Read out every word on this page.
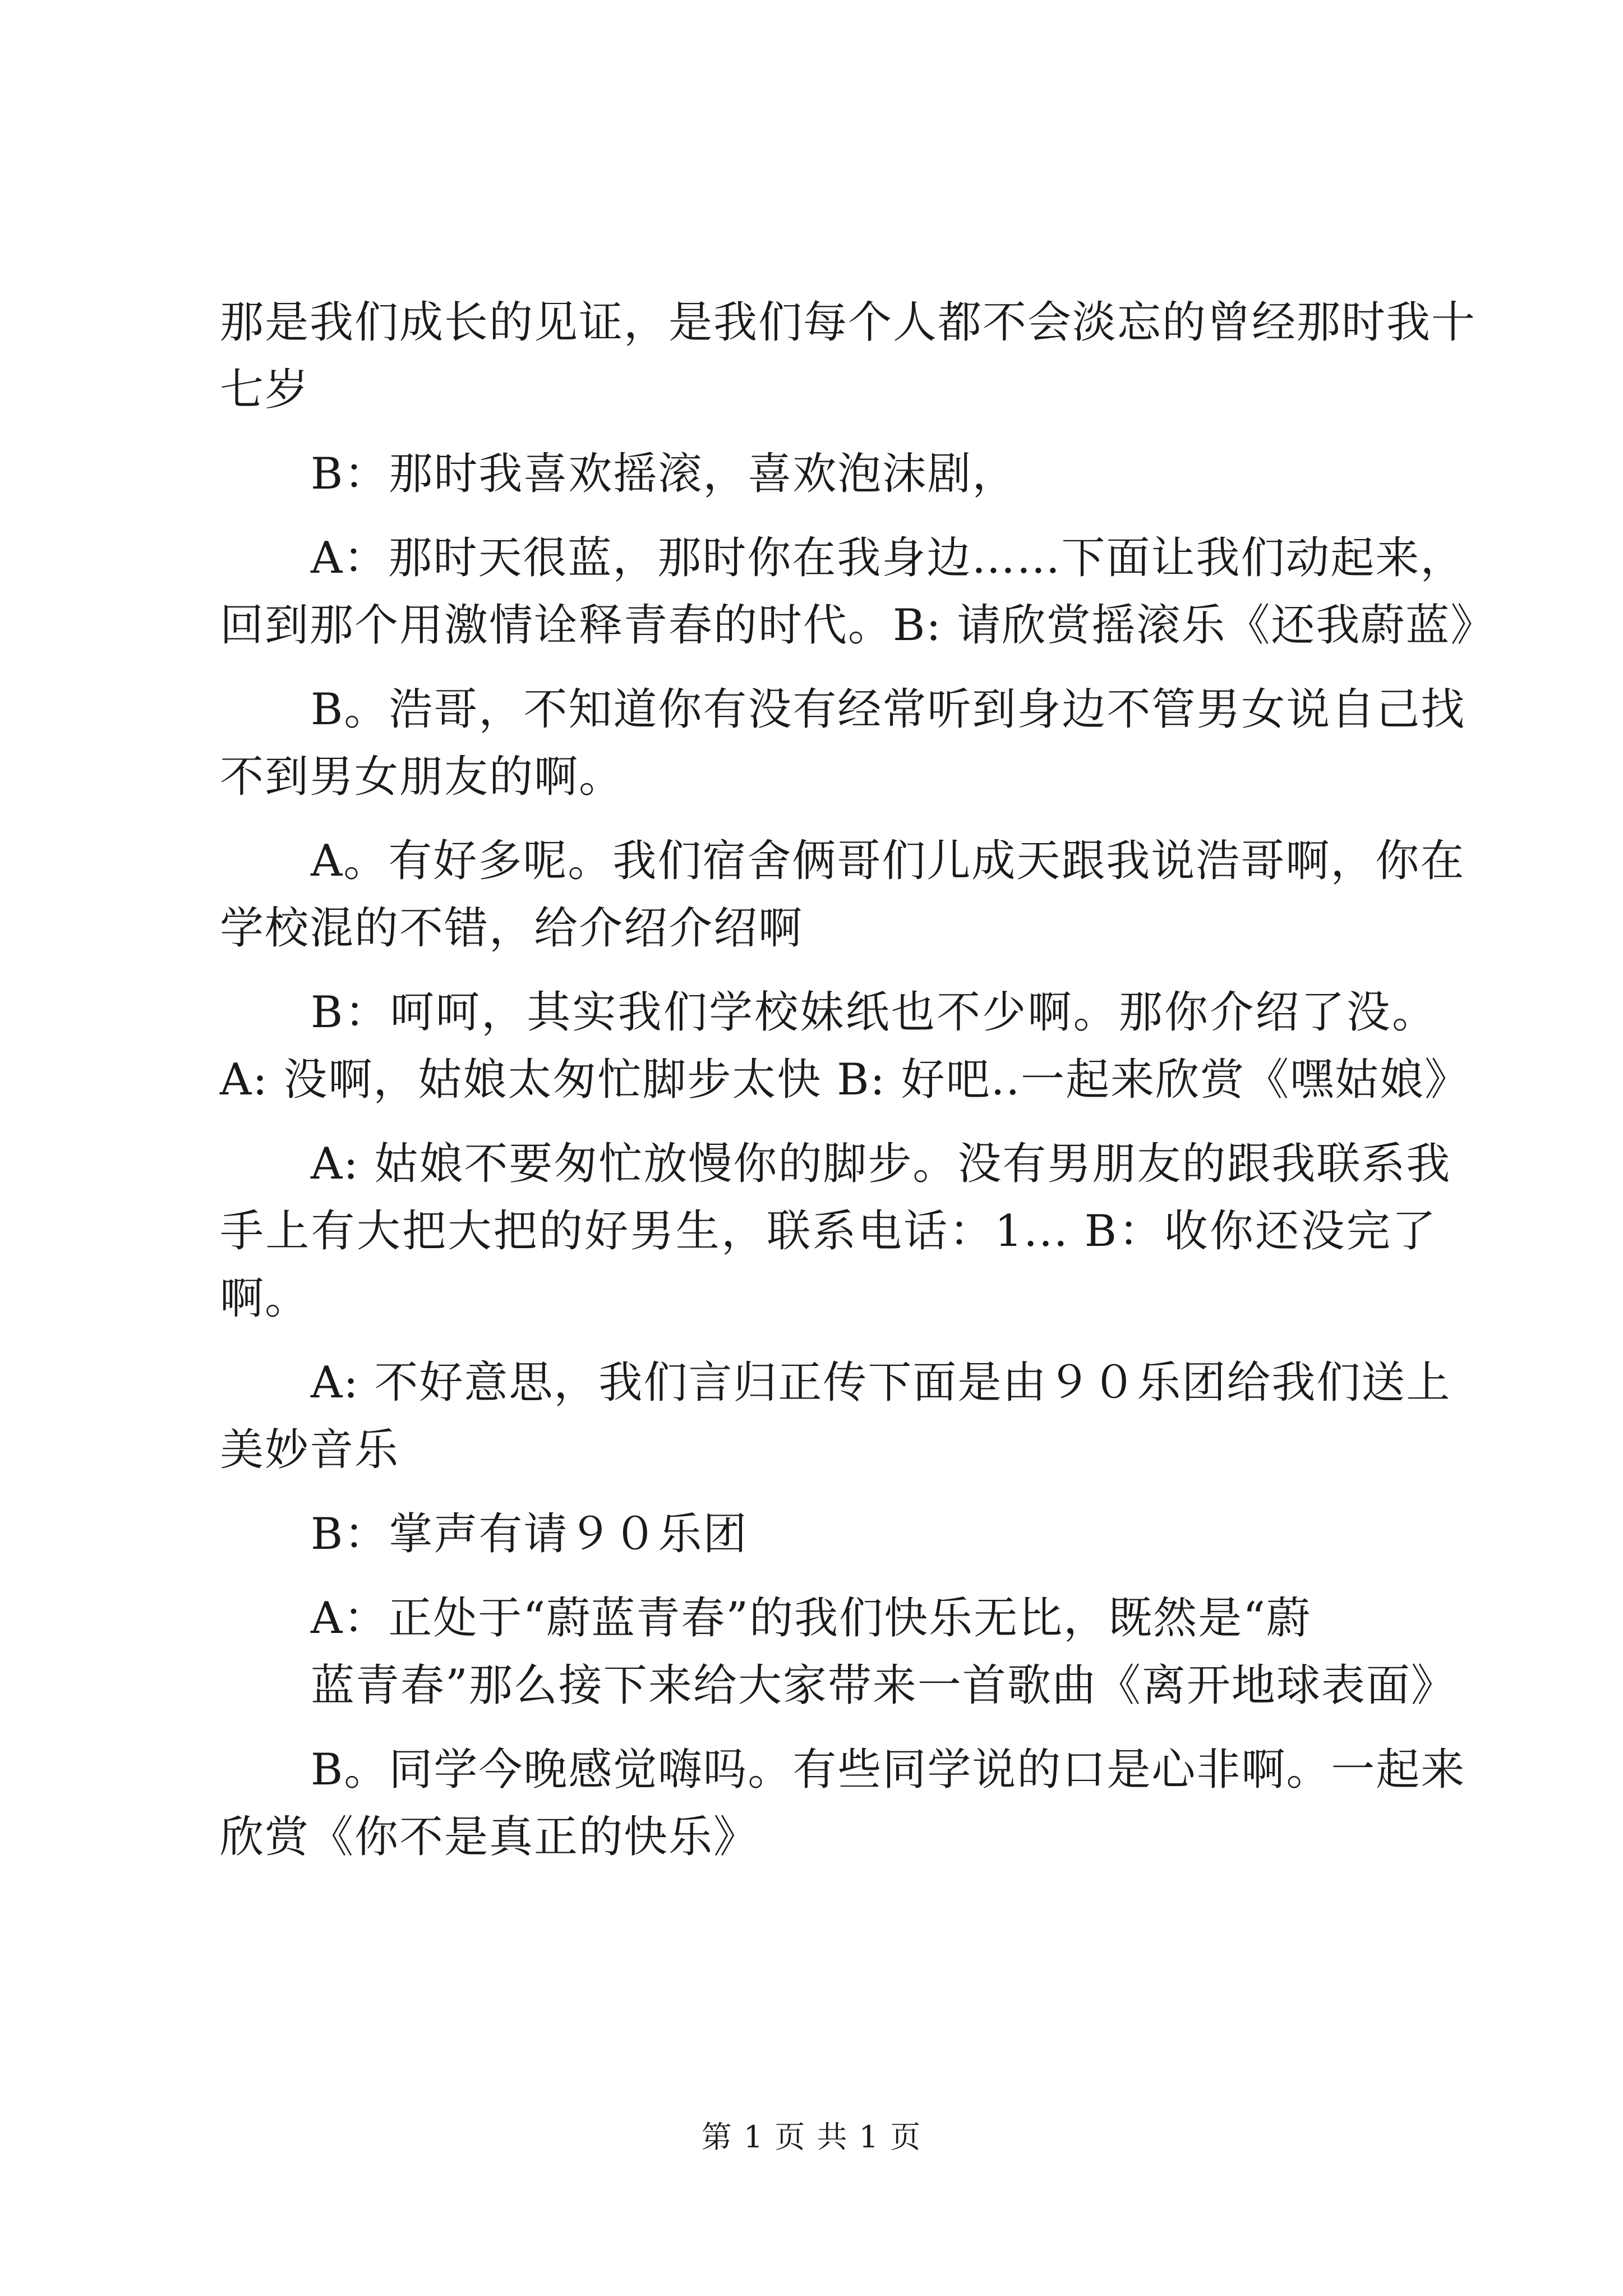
那是我们成长的见证，是我们每个人都不会淡忘的曾经那时我十
七岁
B：那时我喜欢摇滚，喜欢泡沫剧，
A：那时天很蓝，那时你在我身边……下面让我们动起来，
回到那个用激情诠释青春的时代。B: 请欣赏摇滚乐《还我蔚蓝》
B。浩哥，不知道你有没有经常听到身边不管男女说自己找
不到男女朋友的啊。
A。有好多呢。我们宿舍俩哥们儿成天跟我说浩哥啊，你在
学校混的不错，给介绍介绍啊
B：呵呵，其实我们学校妹纸也不少啊。那你介绍了没。
A: 没啊，姑娘太匆忙脚步太快 B: 好吧..一起来欣赏《嘿姑娘》
A: 姑娘不要匆忙放慢你的脚步。没有男朋友的跟我联系我
手上有大把大把的好男生，联系电话：1... B：收你还没完了
啊。
A: 不好意思，我们言归正传下面是由９０乐团给我们送上
美妙音乐
B：掌声有请９０乐团
A：正处于“蔚蓝青春”的我们快乐无比，既然是“蔚
蓝青春”那么接下来给大家带来一首歌曲《离开地球表面》
B。同学今晚感觉嗨吗。有些同学说的口是心非啊。一起来
欣赏《你不是真正的快乐》
第 1 页 共 1 页
